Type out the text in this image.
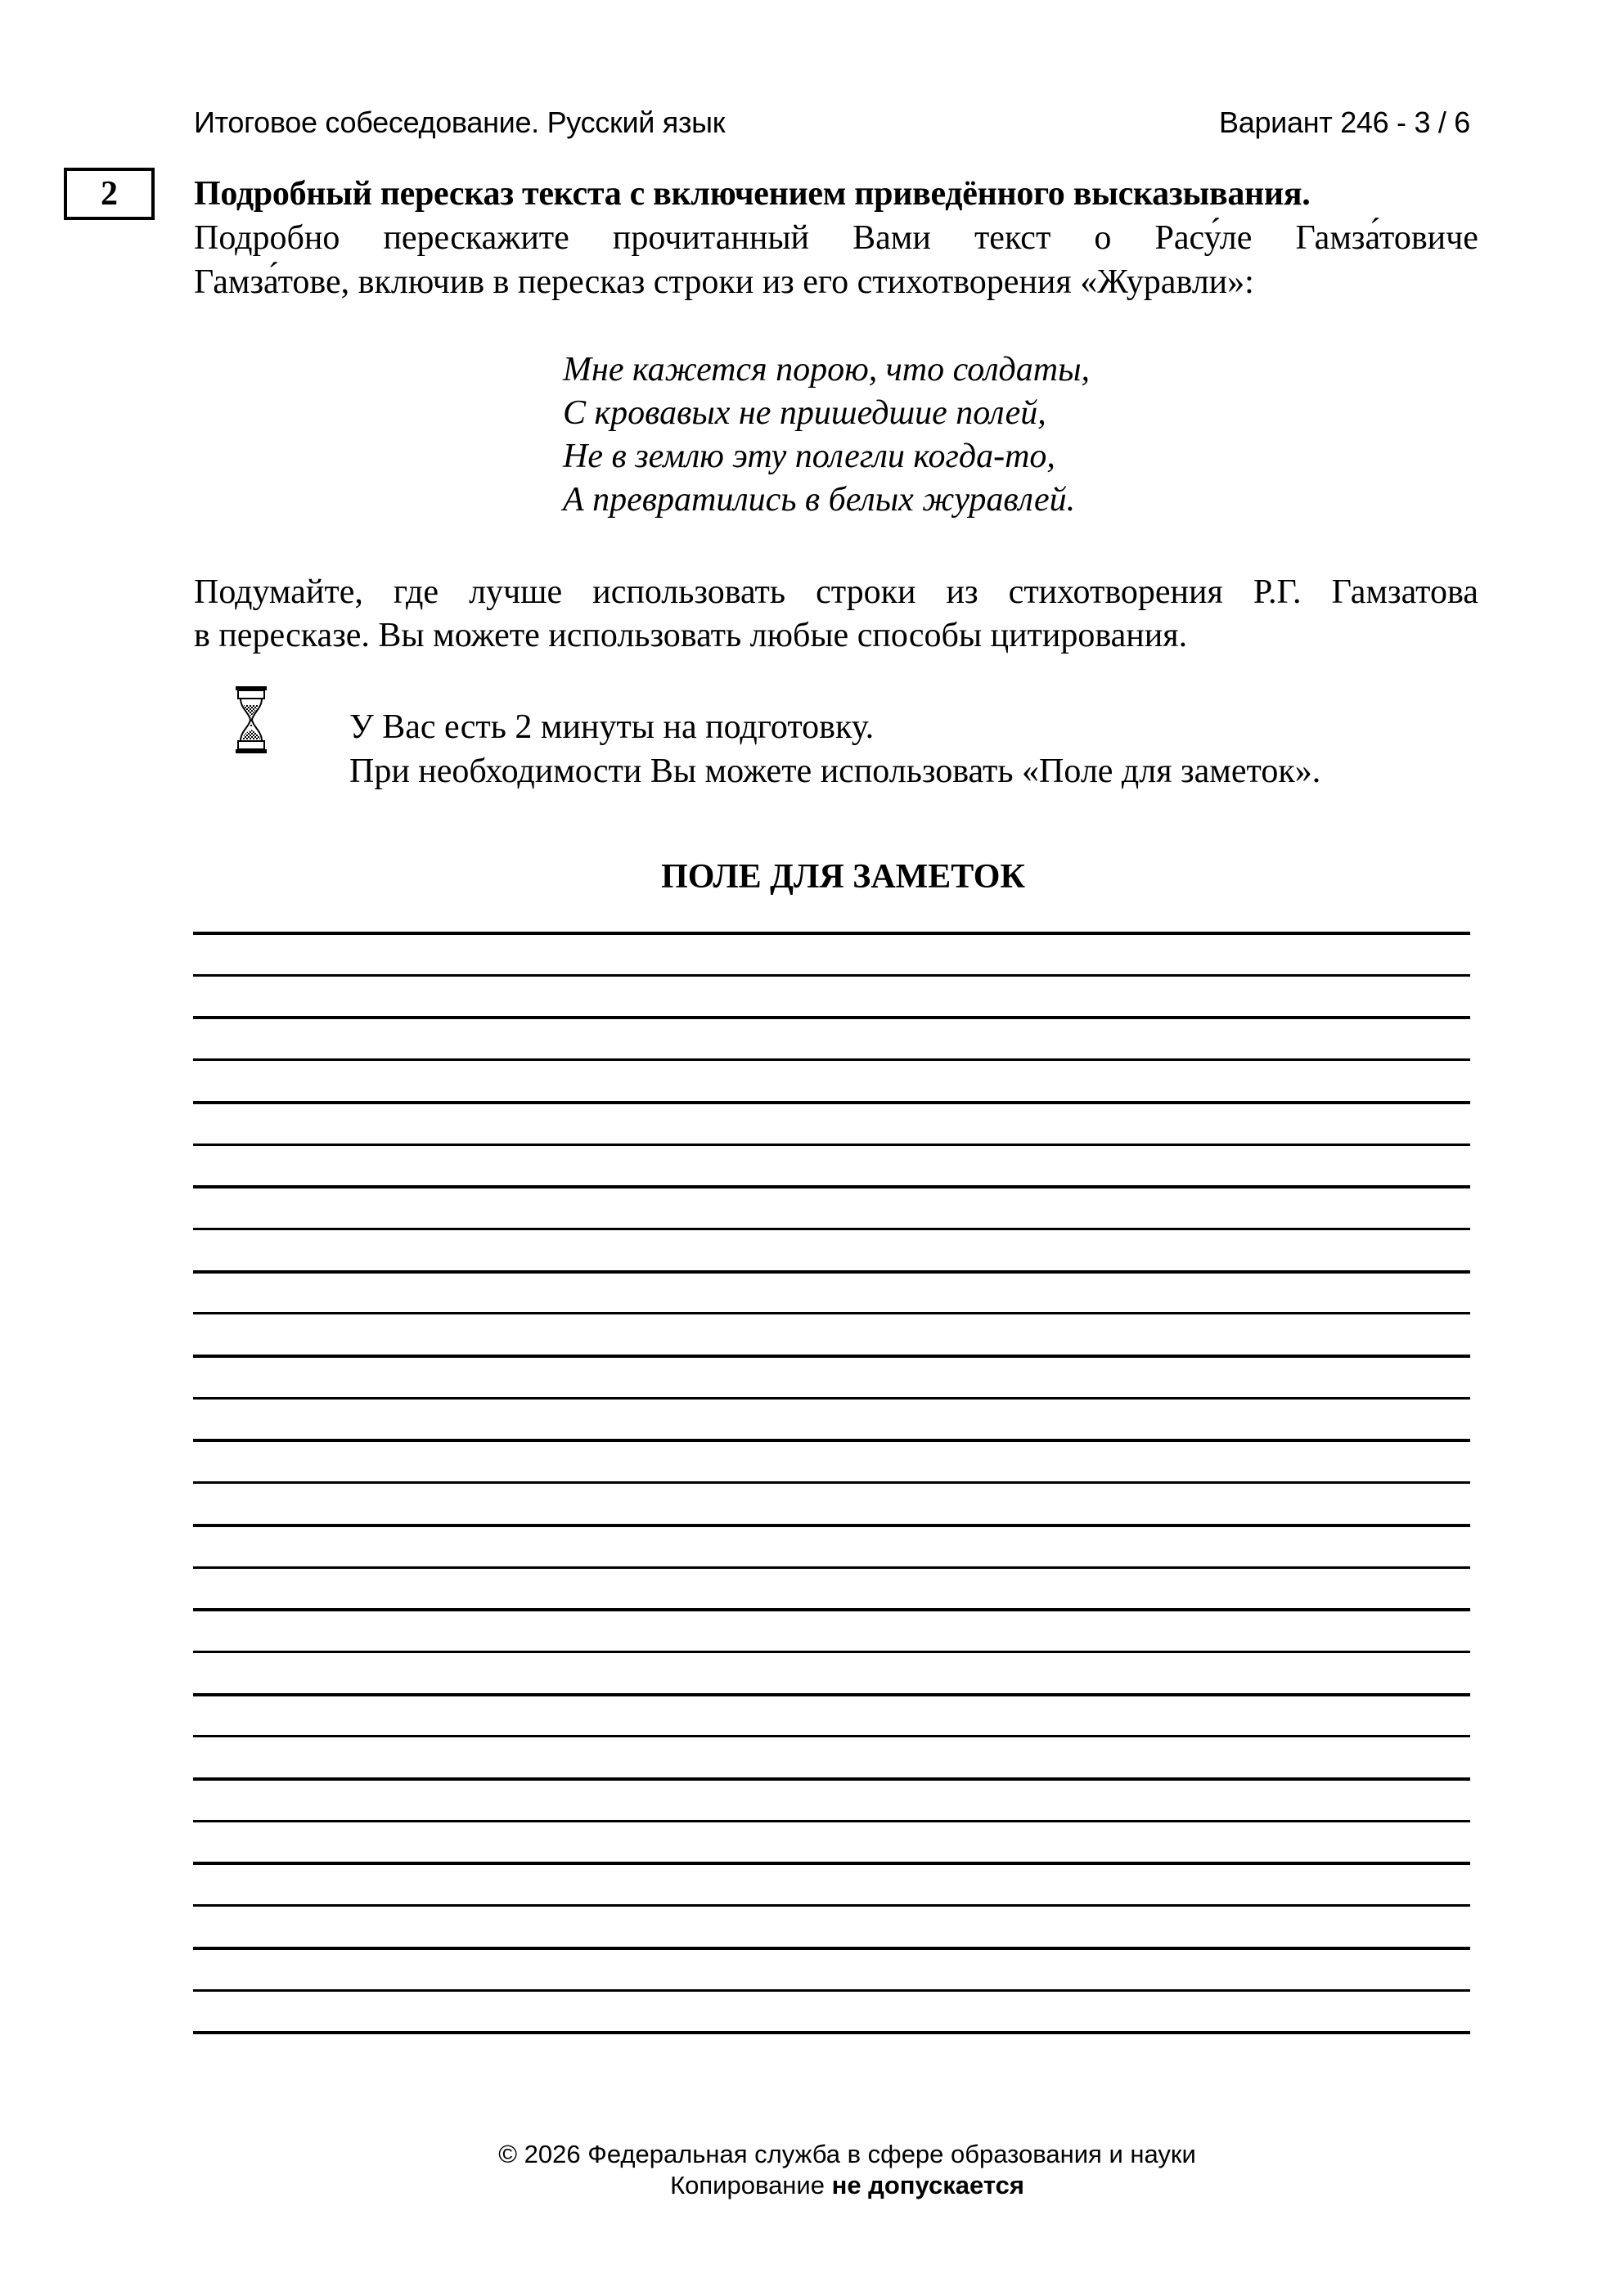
Итоговое собеседование. Русский язык	Вариант 246 - 3 / 6
2 Подробный пересказ текста с включением приведённого высказывания.
Подробно перескажите прочитанный Вами текст о Расу́ле Гамза́товиче
Гамза́тове, включив в пересказ строки из его стихотворения «Журавли»:
Мне кажется порою, что солдаты,
С кровавых не пришедшие полей,
Не в землю эту полегли когда-то,
А превратились в белых журавлей.
Подумайте, где лучше использовать строки из стихотворения Р.Г. Гамзатова
в пересказе. Вы можете использовать любые способы цитирования.
У Вас есть 2 минуты на подготовку.
При необходимости Вы можете использовать «Поле для заметок».
ПОЛЕ ДЛЯ ЗАМЕТОК
© 2026 Федеральная служба в сфере образования и науки
Копирование не допускается
